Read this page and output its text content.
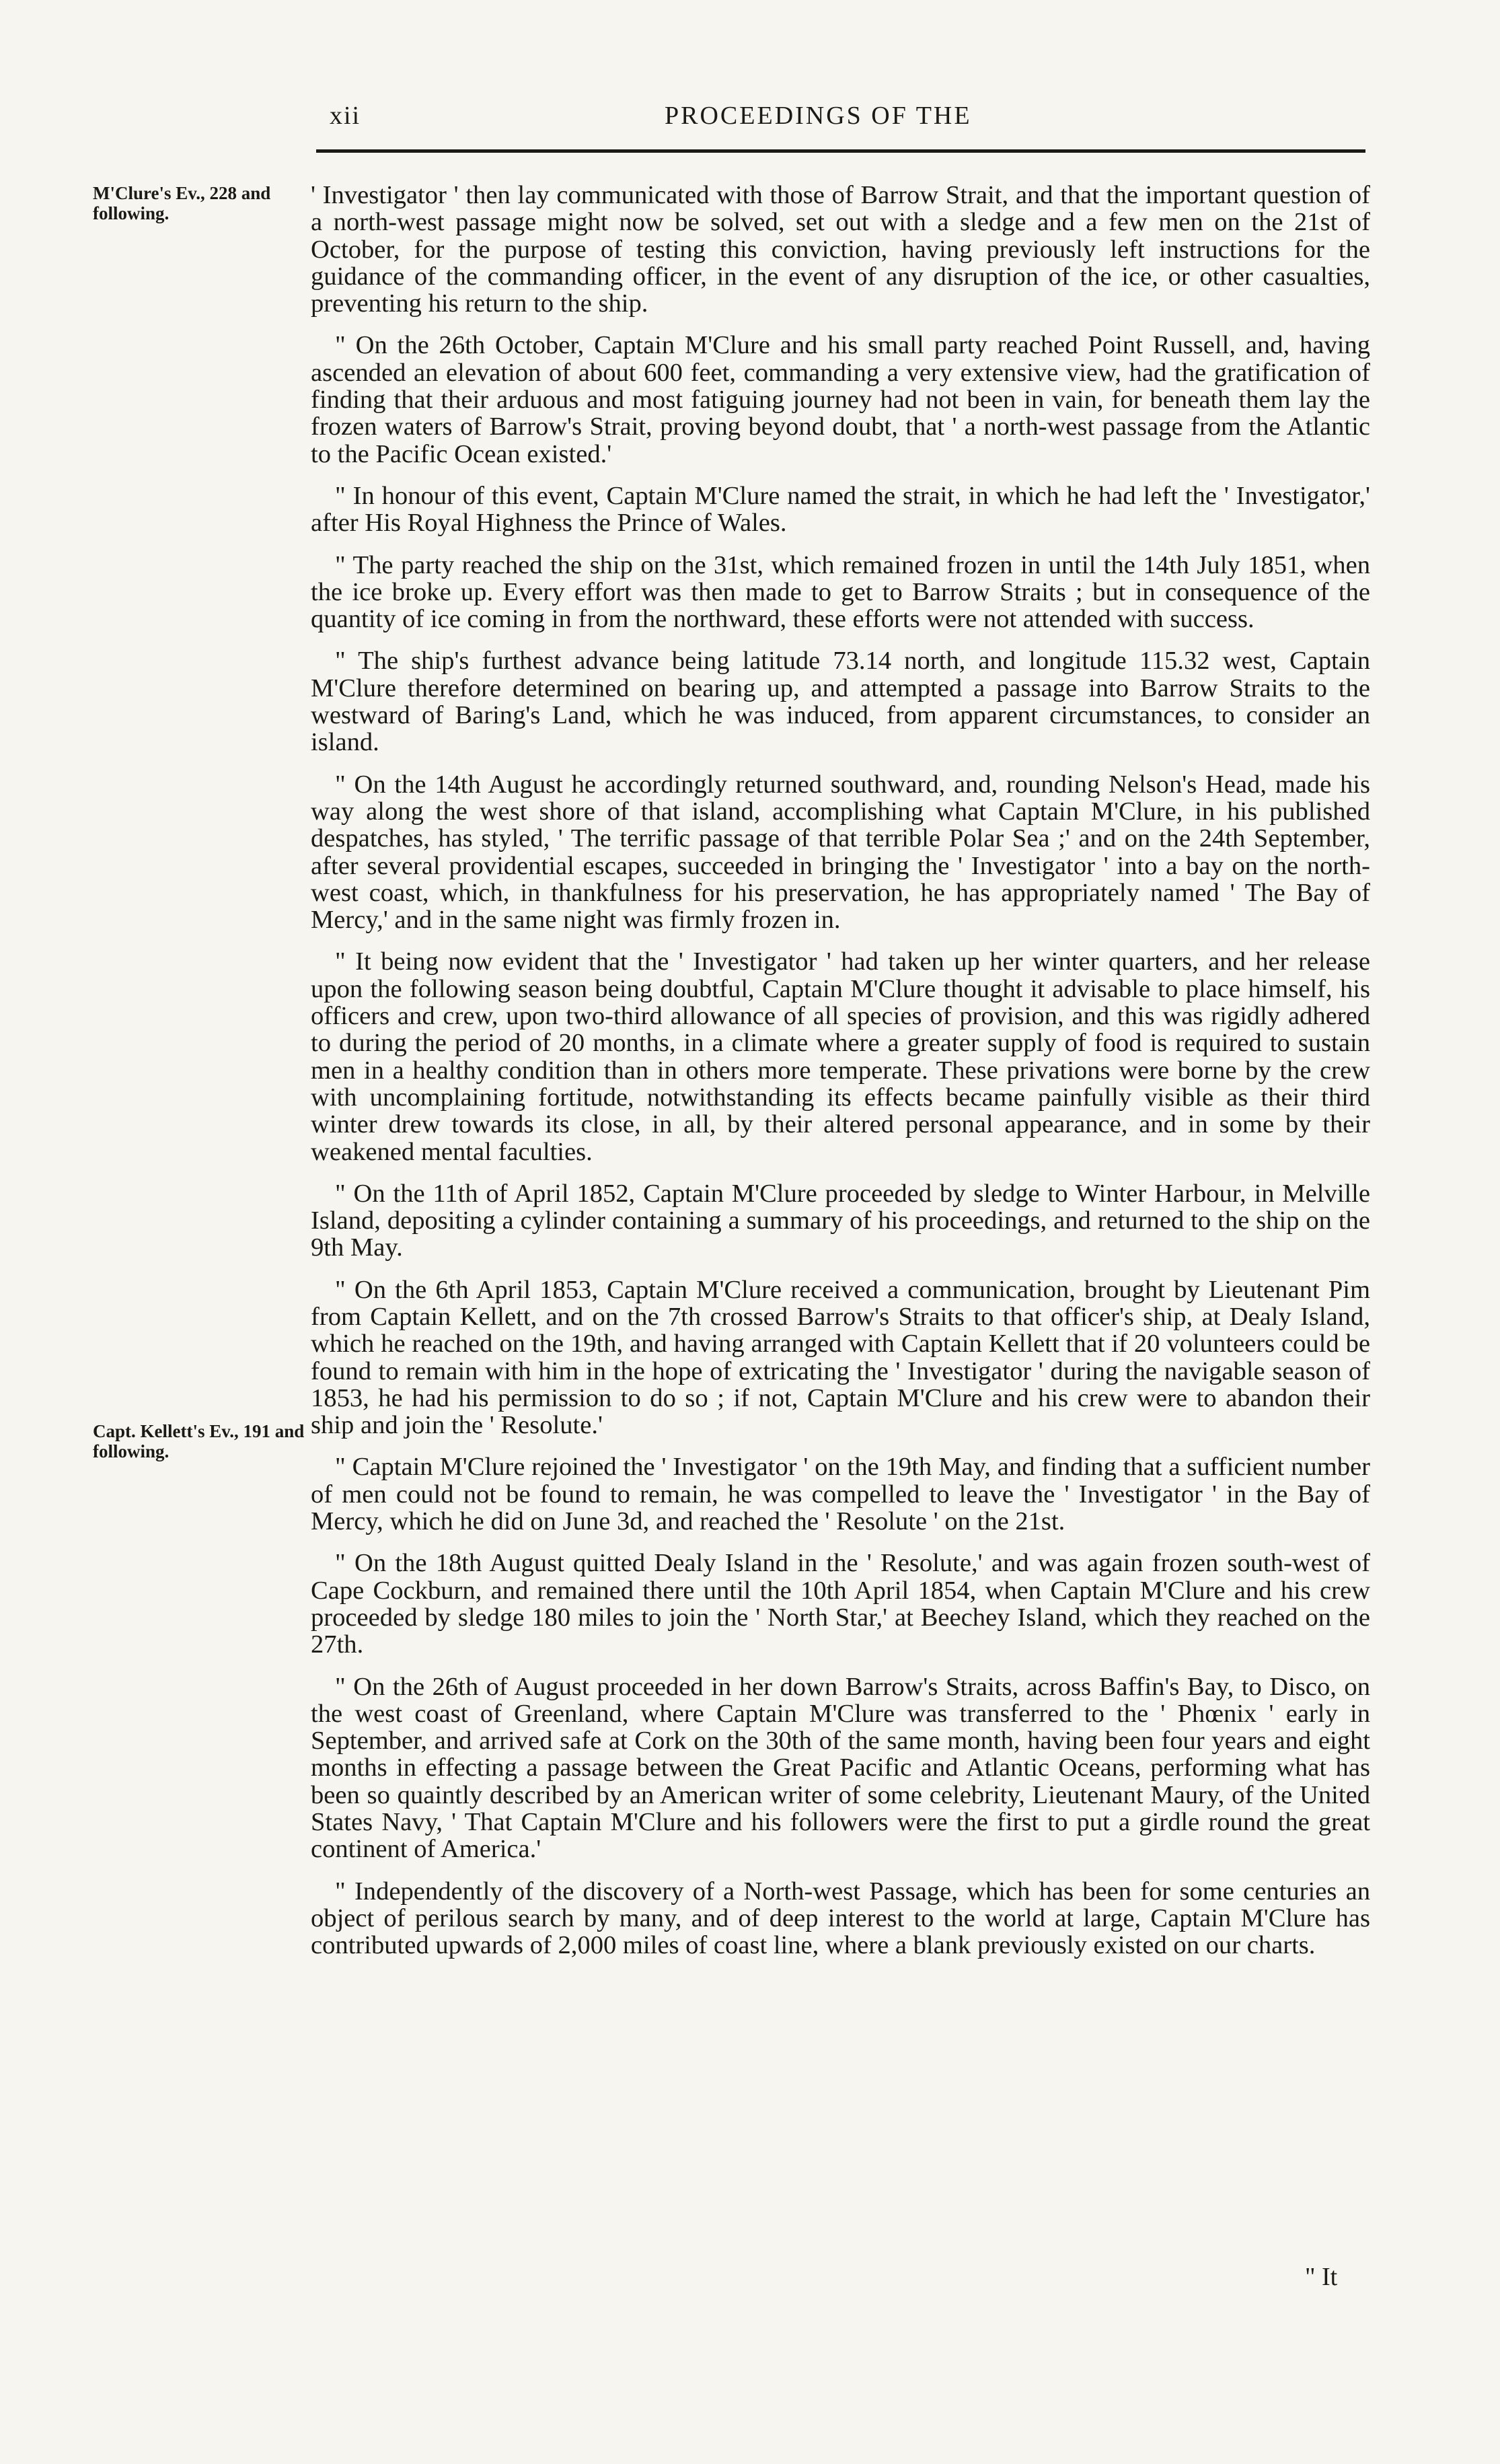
xii	PROCEEDINGS OF THE
M'Clure's Ev., 228 and following.
Capt. Kellett's Ev., 191 and following.

' Investigator ' then lay communicated with those of Barrow Strait, and that the important question of a north-west passage might now be solved, set out with a sledge and a few men on the 21st of October, for the purpose of testing this conviction, having previously left instructions for the guidance of the commanding officer, in the event of any disruption of the ice, or other casualties, preventing his return to the ship.

" On the 26th October, Captain M'Clure and his small party reached Point Russell, and, having ascended an elevation of about 600 feet, commanding a very extensive view, had the gratification of finding that their arduous and most fatiguing journey had not been in vain, for beneath them lay the frozen waters of Barrow's Strait, proving beyond doubt, that ' a north-west passage from the Atlantic to the Pacific Ocean existed.'

" In honour of this event, Captain M'Clure named the strait, in which he had left the ' Investigator,' after His Royal Highness the Prince of Wales.

" The party reached the ship on the 31st, which remained frozen in until the 14th July 1851, when the ice broke up. Every effort was then made to get to Barrow Straits ; but in consequence of the quantity of ice coming in from the northward, these efforts were not attended with success.

" The ship's furthest advance being latitude 73.14 north, and longitude 115.32 west, Captain M'Clure therefore determined on bearing up, and attempted a passage into Barrow Straits to the westward of Baring's Land, which he was induced, from apparent circumstances, to consider an island.

" On the 14th August he accordingly returned southward, and, rounding Nelson's Head, made his way along the west shore of that island, accomplishing what Captain M'Clure, in his published despatches, has styled, ' The terrific passage of that terrible Polar Sea ;' and on the 24th September, after several providential escapes, succeeded in bringing the ' Investigator ' into a bay on the north-west coast, which, in thankfulness for his preservation, he has appropriately named ' The Bay of Mercy,' and in the same night was firmly frozen in.

" It being now evident that the ' Investigator ' had taken up her winter quarters, and her release upon the following season being doubtful, Captain M'Clure thought it advisable to place himself, his officers and crew, upon two-third allowance of all species of provision, and this was rigidly adhered to during the period of 20 months, in a climate where a greater supply of food is required to sustain men in a healthy condition than in others more temperate. These privations were borne by the crew with uncomplaining fortitude, notwithstanding its effects became painfully visible as their third winter drew towards its close, in all, by their altered personal appearance, and in some by their weakened mental faculties.

" On the 11th of April 1852, Captain M'Clure proceeded by sledge to Winter Harbour, in Melville Island, depositing a cylinder containing a summary of his proceedings, and returned to the ship on the 9th May.

" On the 6th April 1853, Captain M'Clure received a communication, brought by Lieutenant Pim from Captain Kellett, and on the 7th crossed Barrow's Straits to that officer's ship, at Dealy Island, which he reached on the 19th, and having arranged with Captain Kellett that if 20 volunteers could be found to remain with him in the hope of extricating the ' Investigator ' during the navigable season of 1853, he had his permission to do so ; if not, Captain M'Clure and his crew were to abandon their ship and join the ' Resolute.'

" Captain M'Clure rejoined the ' Investigator ' on the 19th May, and finding that a sufficient number of men could not be found to remain, he was compelled to leave the ' Investigator ' in the Bay of Mercy, which he did on June 3d, and reached the ' Resolute ' on the 21st.

" On the 18th August quitted Dealy Island in the ' Resolute,' and was again frozen south-west of Cape Cockburn, and remained there until the 10th April 1854, when Captain M'Clure and his crew proceeded by sledge 180 miles to join the ' North Star,' at Beechey Island, which they reached on the 27th.

" On the 26th of August proceeded in her down Barrow's Straits, across Baffin's Bay, to Disco, on the west coast of Greenland, where Captain M'Clure was transferred to the ' Phœnix ' early in September, and arrived safe at Cork on the 30th of the same month, having been four years and eight months in effecting a passage between the Great Pacific and Atlantic Oceans, performing what has been so quaintly described by an American writer of some celebrity, Lieutenant Maury, of the United States Navy, ' That Captain M'Clure and his followers were the first to put a girdle round the great continent of America.'

" Independently of the discovery of a North-west Passage, which has been for some centuries an object of perilous search by many, and of deep interest to the world at large, Captain M'Clure has contributed upwards of 2,000 miles of coast line, where a blank previously existed on our charts.

" It
